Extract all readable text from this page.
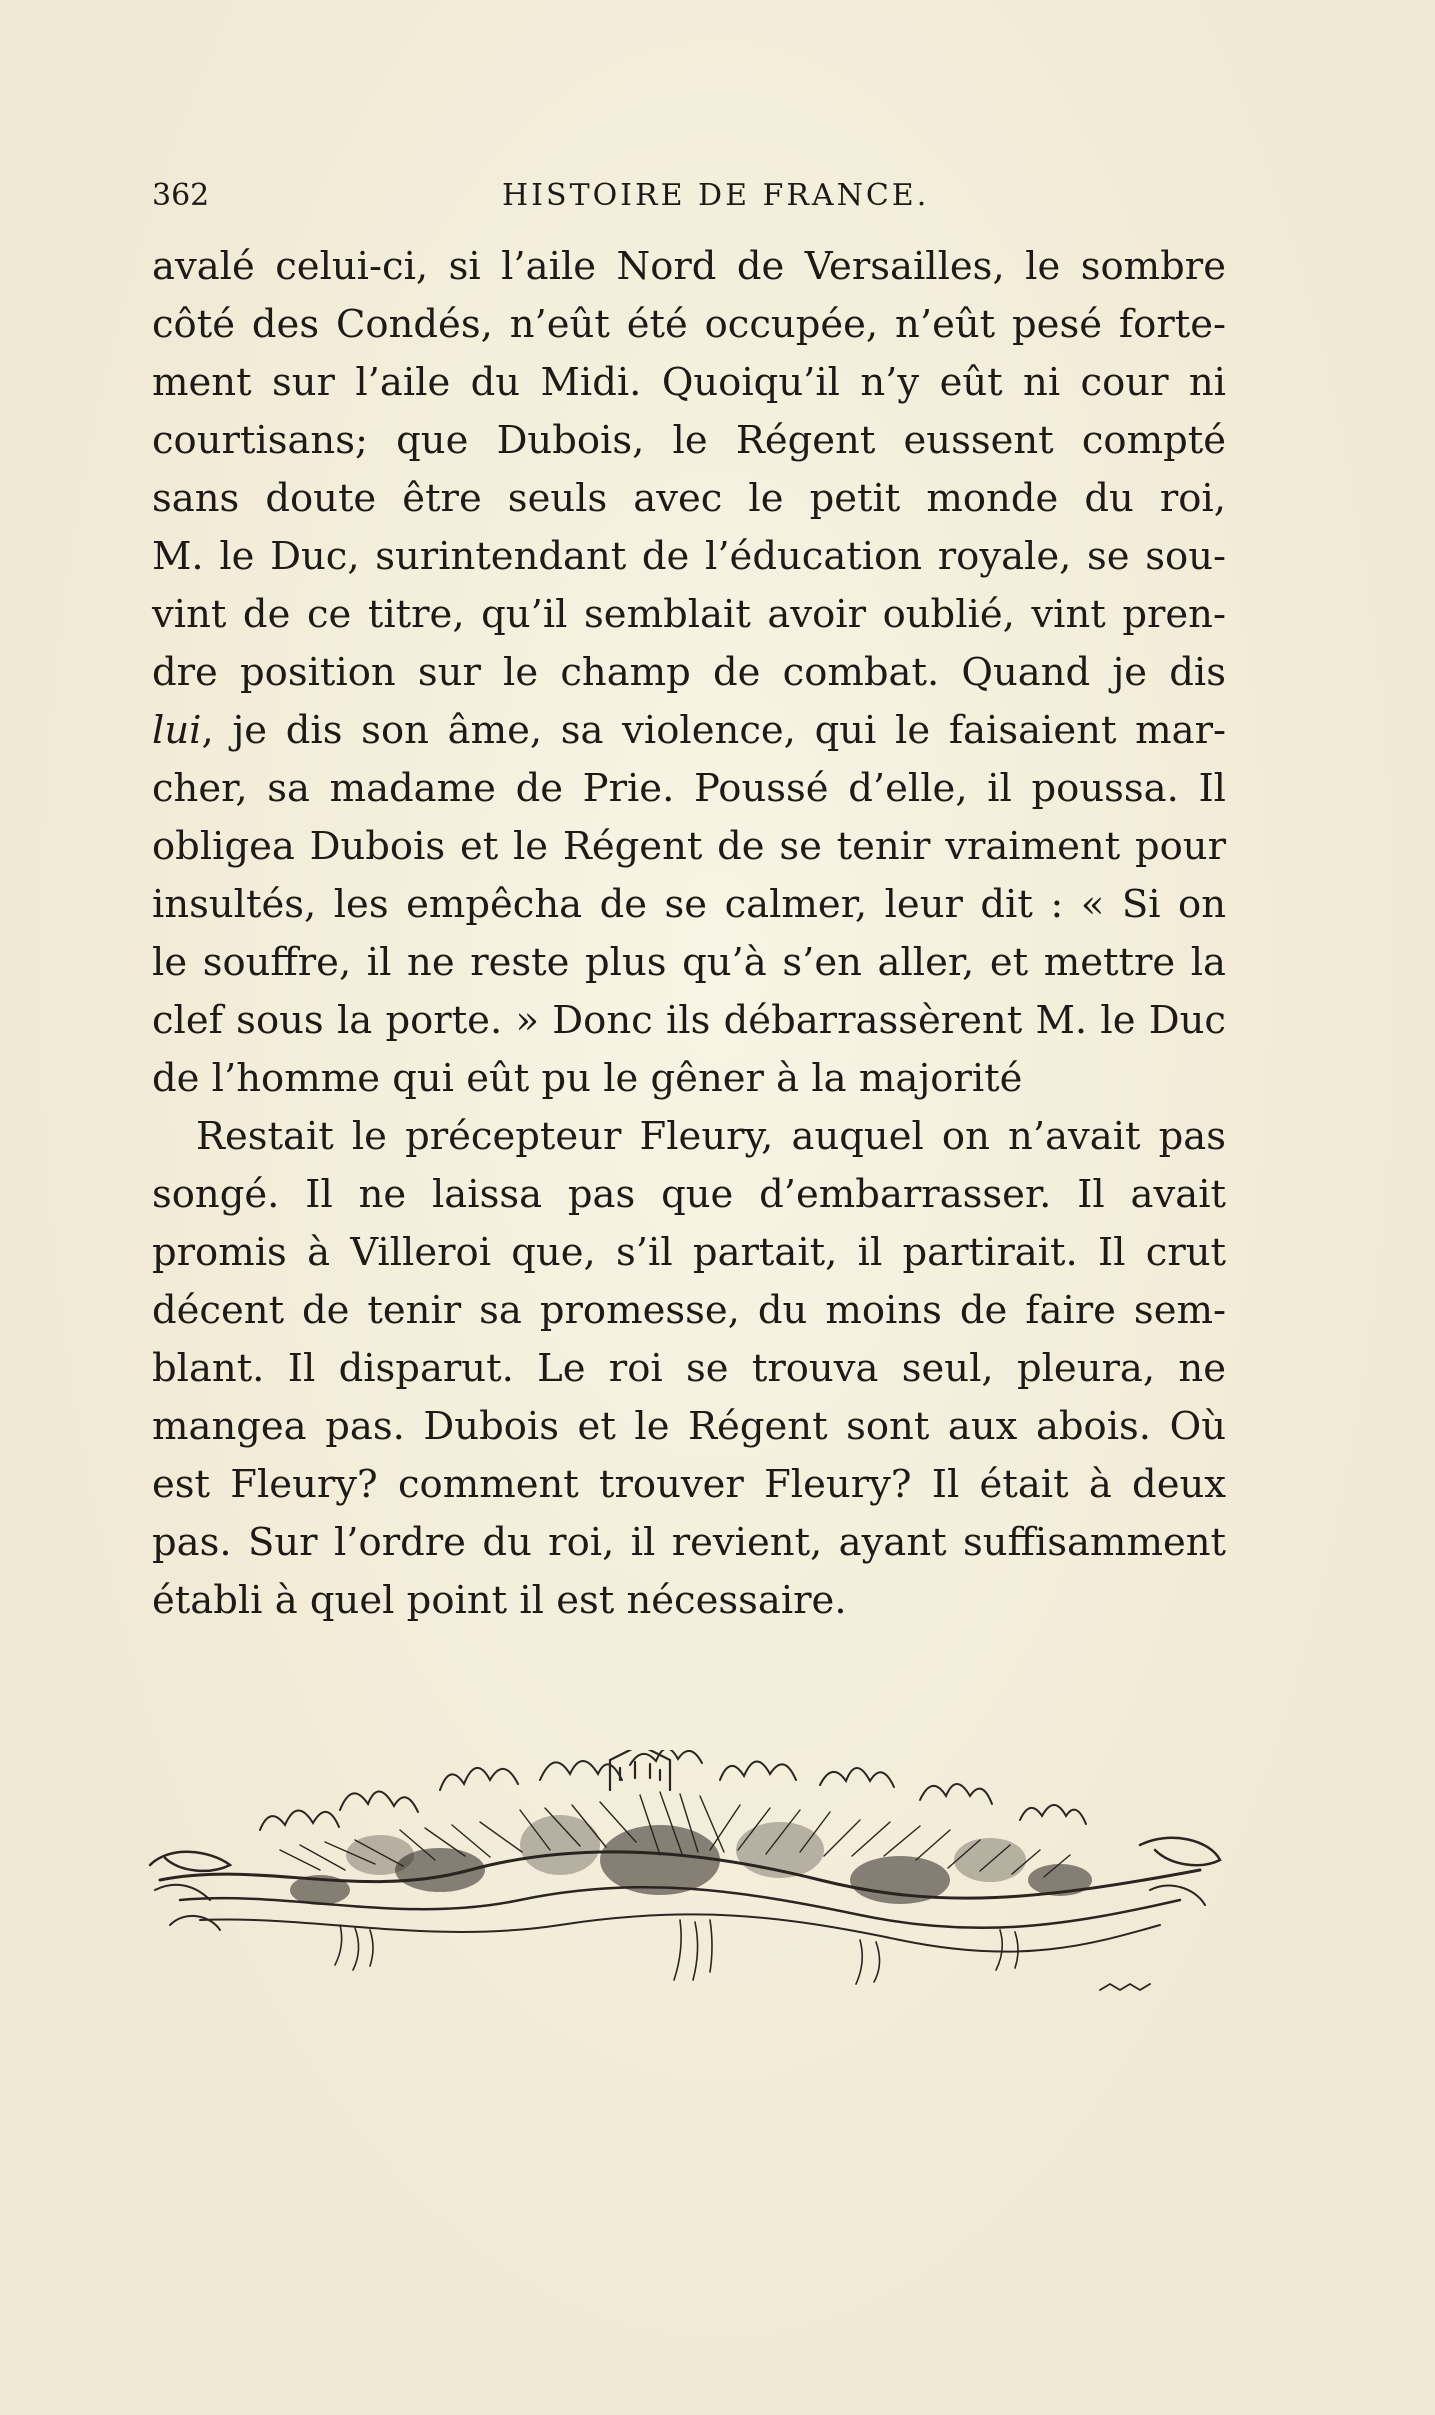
362	HISTOIRE DE FRANCE.

avalé celui-ci, si l’aile Nord de Versailles, le sombre
côté des Condés, n’eût été occupée, n’eût pesé forte-
ment sur l’aile du Midi. Quoiqu’il n’y eût ni cour ni
courtisans; que Dubois, le Régent eussent compté
sans doute être seuls avec le petit monde du roi,
M. le Duc, surintendant de l’éducation royale, se sou-
vint de ce titre, qu’il semblait avoir oublié, vint pren-
dre position sur le champ de combat. Quand je dis
lui, je dis son âme, sa violence, qui le faisaient mar-
cher, sa madame de Prie. Poussé d’elle, il poussa. Il
obligea Dubois et le Régent de se tenir vraiment pour
insultés, les empêcha de se calmer, leur dit : « Si on
le souffre, il ne reste plus qu’à s’en aller, et mettre la
clef sous la porte. » Donc ils débarrassèrent M. le Duc
de l’homme qui eût pu le gêner à la majorité

Restait le précepteur Fleury, auquel on n’avait pas
songé. Il ne laissa pas que d’embarrasser. Il avait
promis à Villeroi que, s’il partait, il partirait. Il crut
décent de tenir sa promesse, du moins de faire sem-
blant. Il disparut. Le roi se trouva seul, pleura, ne
mangea pas. Dubois et le Régent sont aux abois. Où
est Fleury? comment trouver Fleury? Il était à deux
pas. Sur l’ordre du roi, il revient, ayant suffisamment
établi à quel point il est nécessaire.
